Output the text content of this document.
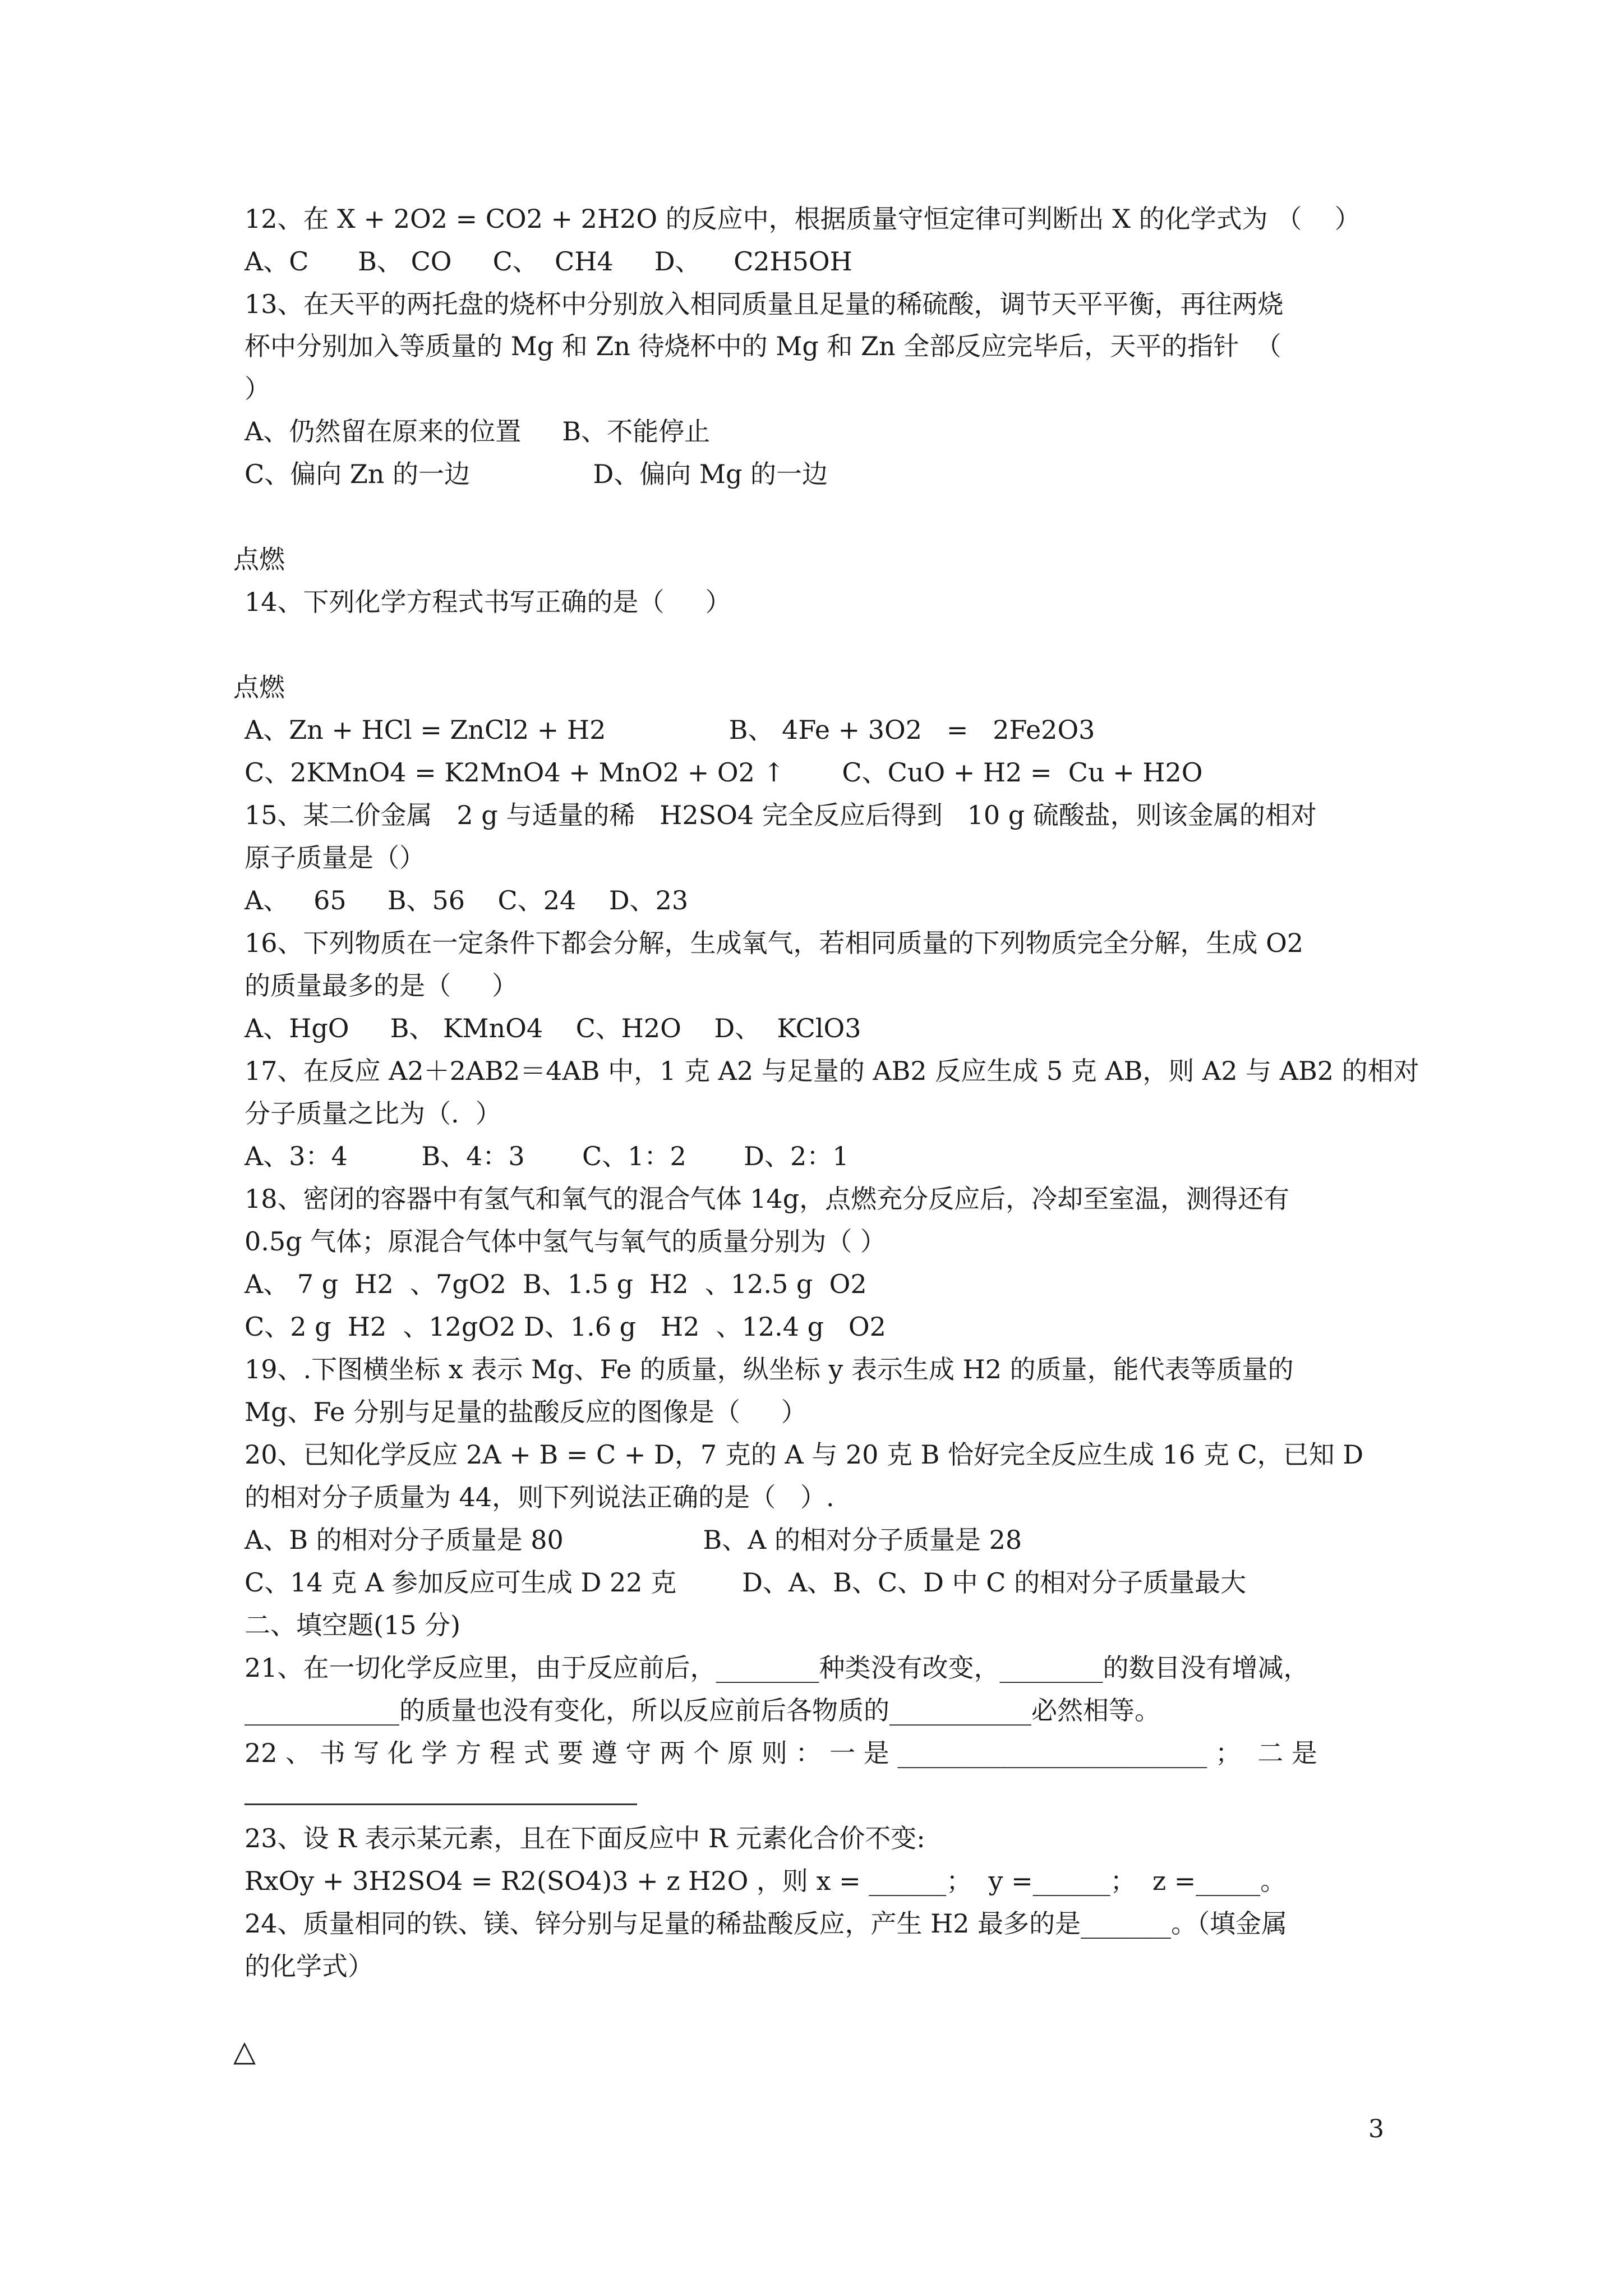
12、在 X + 2O2 = CO2 + 2H2O 的反应中，根据质量守恒定律可判断出 X 的化学式为 （    ）
A、C      B、 CO     C、  CH4     D、    C2H5OH
13、在天平的两托盘的烧杯中分别放入相同质量且足量的稀硫酸，调节天平平衡，再往两烧
杯中分别加入等质量的 Mg 和 Zn 待烧杯中的 Mg 和 Zn 全部反应完毕后，天平的指针  （
）
A、仍然留在原来的位置     B、不能停止
C、偏向 Zn 的一边               D、偏向 Mg 的一边
点燃
14、下列化学方程式书写正确的是（     ）
点燃
A、Zn + HCl = ZnCl2 + H2               B、 4Fe + 3O2   =   2Fe2O3
C、2KMnO4 = K2MnO4 + MnO2 + O2 ↑       C、CuO + H2 =  Cu + H2O
15、某二价金属   2 g 与适量的稀   H2SO4 完全反应后得到   10 g 硫酸盐，则该金属的相对
原子质量是（）
A、   65     B、56    C、24    D、23
16、下列物质在一定条件下都会分解，生成氧气，若相同质量的下列物质完全分解，生成 O2
的质量最多的是（     ）
A、HgO     B、 KMnO4    C、H2O    D、  KClO3
17、在反应 A2＋2AB2＝4AB 中，1 克 A2 与足量的 AB2 反应生成 5 克 AB，则 A2 与 AB2 的相对
分子质量之比为（.  ）
A、3：4         B、4：3       C、1：2       D、2：1
18、密闭的容器中有氢气和氧气的混合气体 14g，点燃充分反应后，冷却至室温，测得还有
0.5g 气体；原混合气体中氢气与氧气的质量分别为（ ）
A、 7 g  H2  、7gO2  B、1.5 g  H2  、12.5 g  O2
C、2 g  H2  、12gO2 D、1.6 g   H2  、12.4 g   O2
19、.下图横坐标 x 表示 Mg、Fe 的质量，纵坐标 y 表示生成 H2 的质量，能代表等质量的
Mg、Fe 分别与足量的盐酸反应的图像是（     ）
20、已知化学反应 2A + B = C + D，7 克的 A 与 20 克 B 恰好完全反应生成 16 克 C，已知 D
的相对分子质量为 44，则下列说法正确的是（   ）.
A、B 的相对分子质量是 80                 B、A 的相对分子质量是 28
C、14 克 A 参加反应可生成 D 22 克        D、A、B、C、D 中 C 的相对分子质量最大
二、填空题(15 分)
21、在一切化学反应里，由于反应前后，________种类没有改变，________的数目没有增减，
____________的质量也没有变化，所以反应前后各物质的___________必然相等。
22 、 书 写 化 学 方 程 式 要 遵 守 两 个 原 则 ： 一 是 ________________________ ；  二 是
23、设 R 表示某元素，且在下面反应中 R 元素化合价不变:
RxOy + 3H2SO4 = R2(SO4)3 + z H2O ，则 x = ______；  y =______；  z =_____。
24、质量相同的铁、镁、锌分别与足量的稀盐酸反应，产生 H2 最多的是_______。（填金属
的化学式）
△
3
